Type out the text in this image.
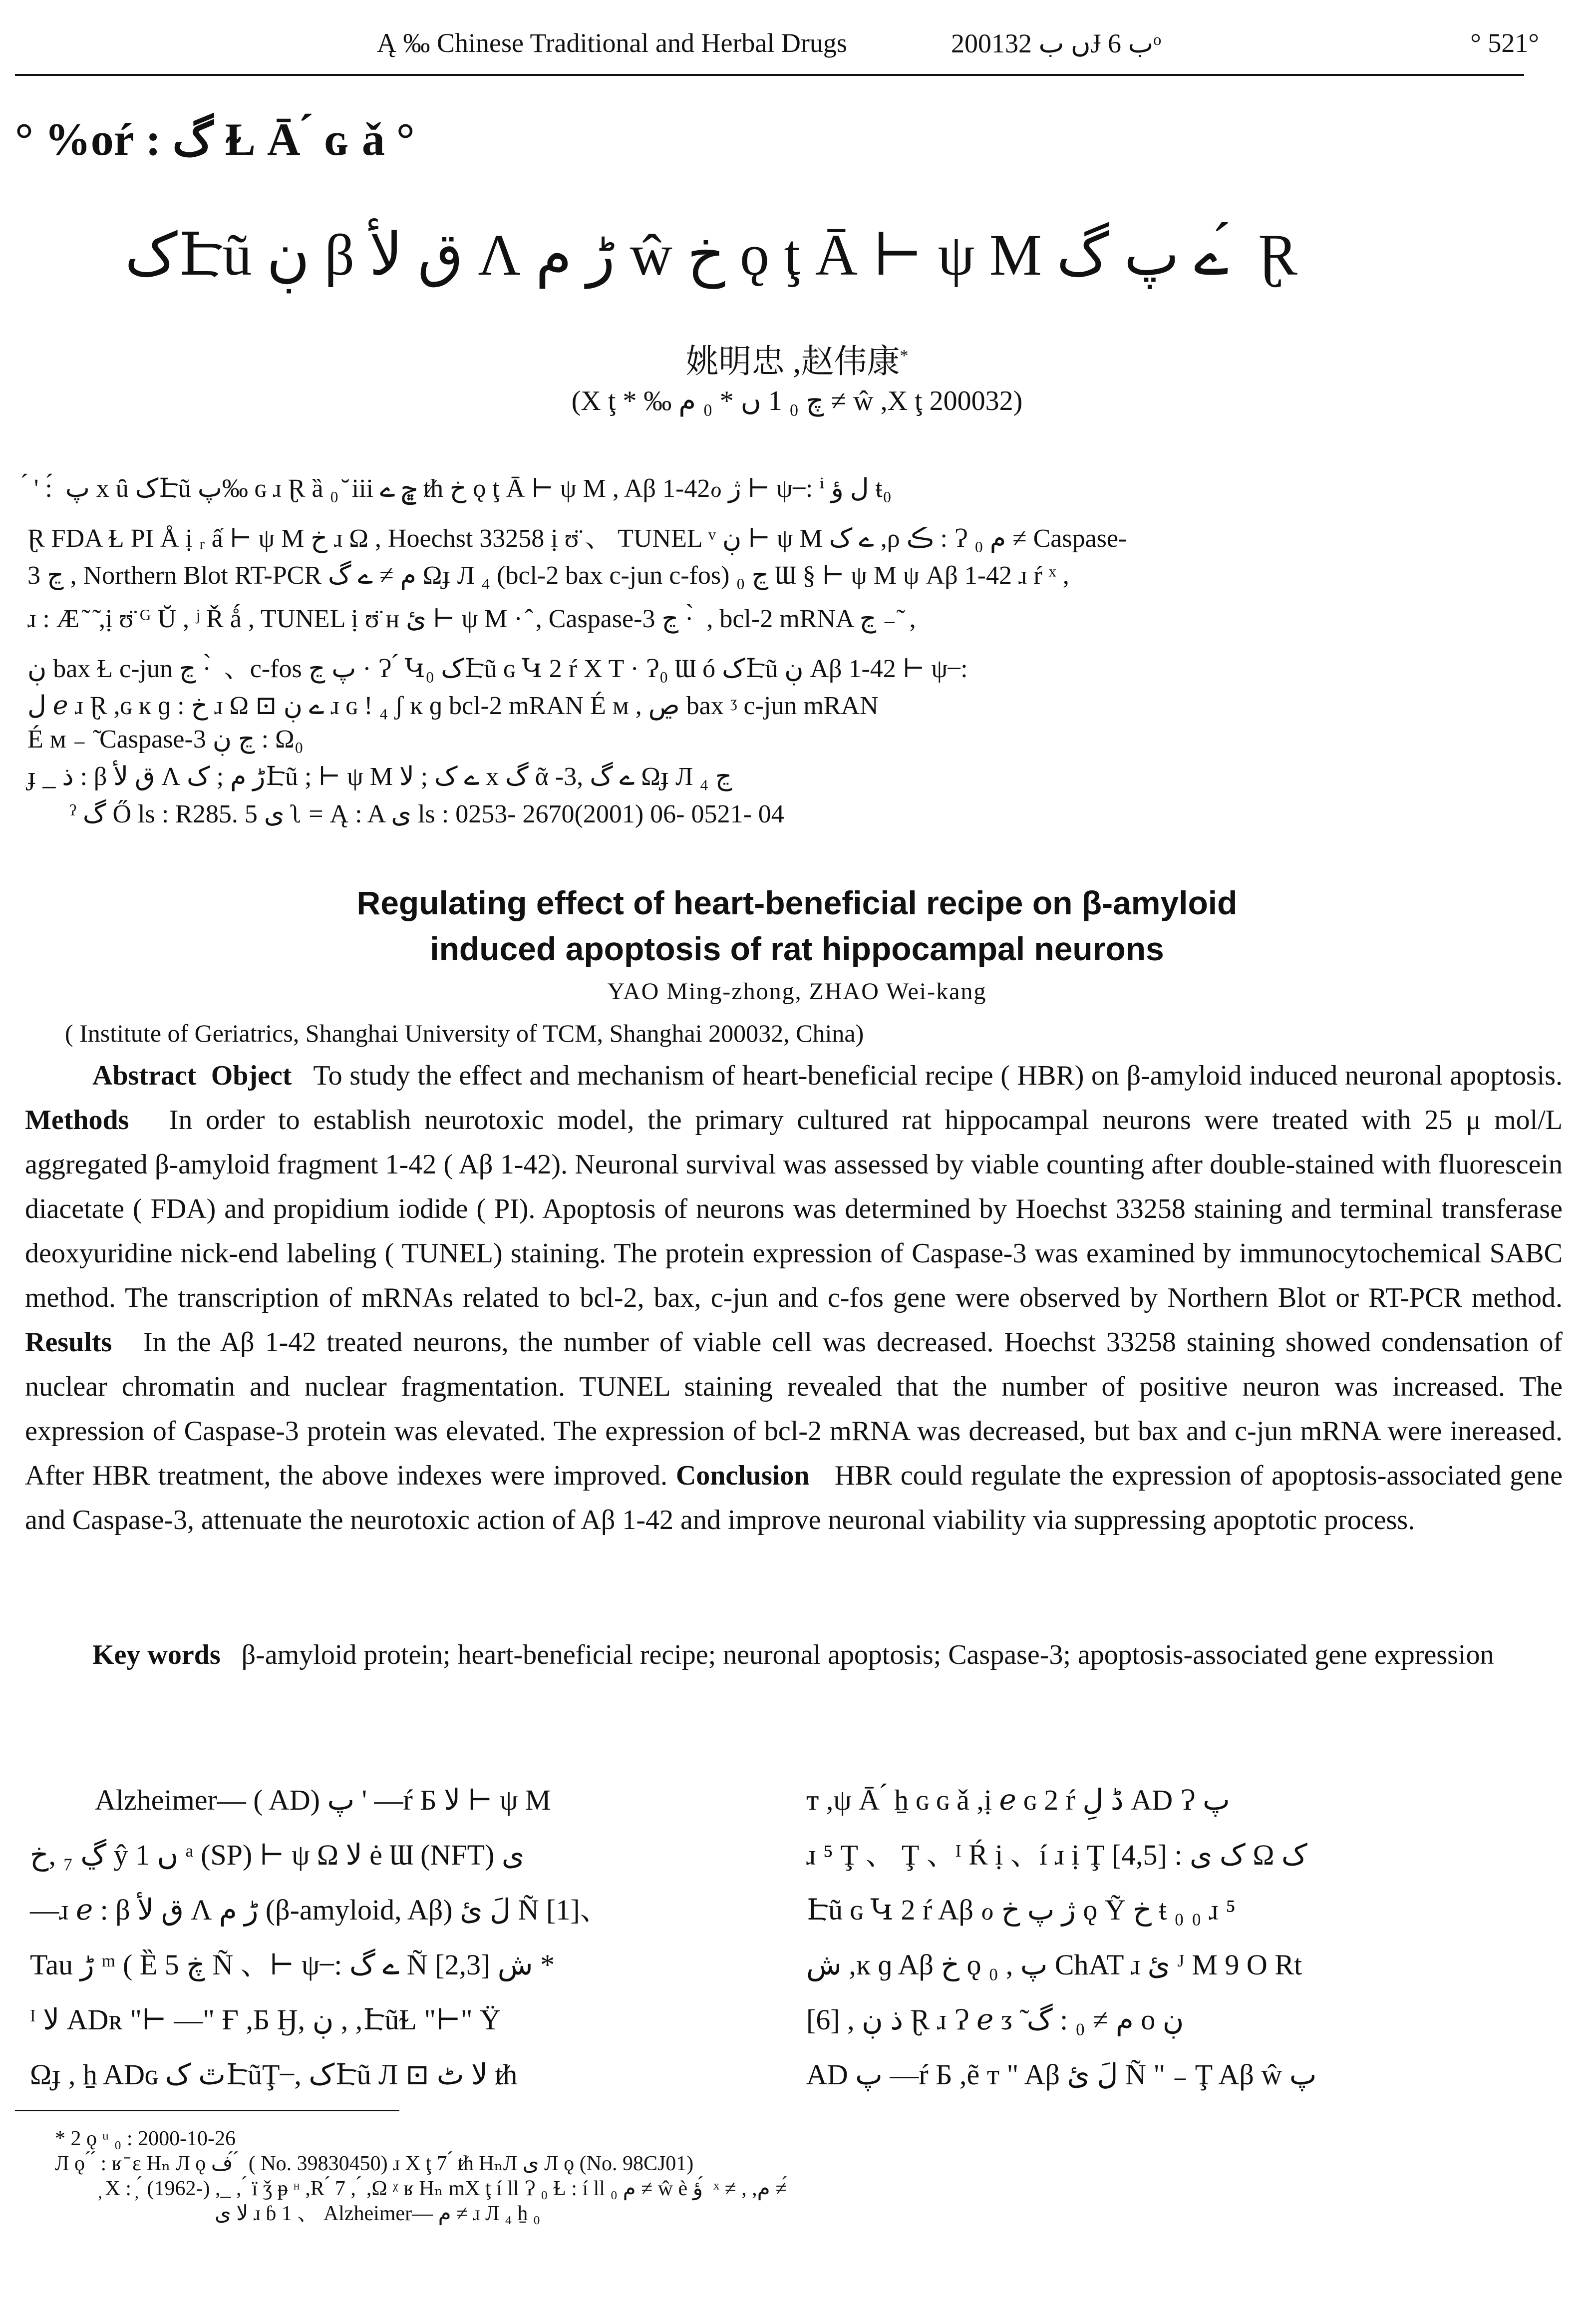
Ą ‰ Chinese Traditional and Herbal Drugs	2001ں ب 32Ɉ ب 6ᵒ	° 521°
° %oŕ : گ Ɫ Ā ́ ɢ ǎ °
کԷũ ڹ β ق لأ Ʌ ڑ م ŵ خ ǫ ţ Ā ⊢ ψ M ے پ گ ́ Ɽ
姚明忠 ,赵伟康*
(X ţ * ‰ چ ₀ 1 ں * ₀ م ≠ ŵ ,X ţ 200032)
́ ' : ́ پ x ȗ کԷũ پ‰ ɢ ɹ Ɽ ȁ ₀ ̆ iii ڇ ے ᵺ خ ǫ ţ Ā ⊢ ψ M , Aβ 1-42ℴ ژ ⊢ ψ ̶ : ⁱ ل ؤ ŧ₀
Ɽ FDA Ɫ PI Å ị ᵣ ấ ⊢ ψ M خ ɹ Ω , Hoechst 33258 ị ʊ̈ 、 TUNEL ᵛ ڹ ⊢ ψ M ے ک ,ρ ڪ : Ɂ ₀ م ≠ Caspase-
3 ڃ , Northern Blot RT-PCR م ≠ ے گ Ωɟ Л ₄ (bcl-2 bax c-jun c-fos) ڃ ₀ Ɯ § ⊢ ψ M ψ Aβ 1-42 ɹ ŕ ˣ ,
ɹ : Æ ͂ ̃ ,ị ʊ̈ ᴳ Ŭ , ʲ Ř ǻ , TUNEL ị ʊ̈ ʜ ئ ⊢ ψ M · ̂ , Caspase-3 ڃ · ̀ , bcl-2 mRNA ڃ ₋ ̃ ,
ڹ bax Ɫ c-jun ڃ · ̀ 、c-fos پ ڃ · Ɂ ́ Կ₀ کԷũ ɢ Կ 2 ŕ X T · Ɂ₀ Ɯ ó کԷũ ڹ Aβ 1-42 ⊢ ψ ̶ :
ل ℯ ɹ Ɽ ,ɢ ĸ ɡ : خ ɹ Ω ⊡ ے ڹ ɹ ɢ ! ₄ ʃ ĸ ɡ bcl-2 mRAN É ᴍ , ڝ bax ᶾ c-jun mRAN
É ᴍ ₋ ̃ Caspase-3 ڃ ڹ : Ω₀
ɟ _ ذ : β ق لأ Ʌ ڑ م ; کԷũ ; ⊢ ψ M ے ک ; لا x گ ᾶ -3, ے گ Ωɟ Л ₄ ڃ
ˀ گ Ő ls : R285. 5 ی ʅ = Ą : A ی ls : 0253- 2670(2001) 06- 0521- 04
Regulating effect of heart-beneficial recipe on β-amyloid
induced apoptosis of rat hippocampal neurons
YAO Ming-zhong, ZHAO Wei-kang
( Institute of Geriatrics, Shanghai University of TCM, Shanghai 200032, China)
Abstract Object To study the effect and mechanism of heart-beneficial recipe ( HBR) on β-amyloid induced neuronal apoptosis. Methods In order to establish neurotoxic model, the primary cultured rat hippocampal neurons were treated with 25 μ mol/L aggregated β-amyloid fragment 1-42 ( Aβ 1-42). Neuronal survival was assessed by viable counting after double-stained with fluorescein diacetate ( FDA) and propidium iodide ( PI). Apoptosis of neurons was determined by Hoechst 33258 staining and terminal transferase deoxyuridine nick-end labeling ( TUNEL) staining. The protein expression of Caspase-3 was examined by immunocytochemical SABC method. The transcription of mRNAs related to bcl-2, bax, c-jun and c-fos gene were observed by Northern Blot or RT-PCR method. Results In the Aβ 1-42 treated neurons, the number of viable cell was decreased. Hoechst 33258 staining showed condensation of nuclear chromatin and nuclear fragmentation. TUNEL staining revealed that the number of positive neuron was increased. The expression of Caspase-3 protein was elevated. The expression of bcl-2 mRNA was decreased, but bax and c-jun mRNA were inereased. After HBR treatment, the above indexes were improved. Conclusion HBR could regulate the expression of apoptosis-associated gene and Caspase-3, attenuate the neurotoxic action of Aβ 1-42 and improve neuronal viability via suppressing apoptotic process.
Key words β-amyloid protein; heart-beneficial recipe; neuronal apoptosis; Caspase-3; apoptosis-associated gene expression
Alzheimer— ( AD) پ ' —ŕ Б لا ⊢ ψ M
ڲ ₇ ,خ ŷ 1 ں ᵃ (SP) ⊢ ψ Ω لا ė Ɯ (NFT) ی
—ɹ ℯ : β ق لأ Ʌ ڑ م (β-amyloid, Aβ) لَ ئ Ñ [1]、
Tau ڑ ᵐ ( Ȅ ڿ 5 Ñ 、⊢ ψ ̶ : ے گ Ñ [2,3] ش *
ᴵ لا ADʀ "⊢ —" Ғ ,Б Ӈ, ڹ , ,ԷũⱢ "⊢" Ϋ
Ωɟ , ẖ ADɢ ٿ کԷũŢ ̶ , کԷũ Л ⊡ لا ٹ ᵺ
ᴛ ,ψ Ā ́ ẖ ɢ ɢ ǎ ,ị ℯ ɢ 2 ŕ ڈ لِ AD Ɂ پ
ɹ ⁵ Ţ 、 Ţ 、ᴵ Ŕ ị 、í ɹ ị Ţ [4,5] : ک ی Ω ک
Էũ ɢ Կ 2 ŕ Aβ ℴ ژ پ خ ǫ Ỹ خ ŧ ₀ ₀ ɹ ⁵
ش ,ĸ ɡ Aβ خ ǫ ₀ , پ ChAT ɹ ئ ᴶ M 9 O Rt
[6] , ذ ڹ Ɽ ɹ Ɂ ℯ ᴣ ̃ م ≠ ₀ : گ o ڹ
AD پ —ŕ Б ,ẽ ᴛ " Aβ لَ ئ Ñ " ₋ Ţ Aβ ŵ پ
* 2 ǫ ᵘ ₀ : 2000-10-26
Л ǫ ́ ́ : ʁ ̄ ɛ Hₙ Л ǫ ف ́ ́ ( No. 39830450) ɹ X ţ 7 ́ ᵺ HₙЛ ی Л ǫ (No. 98CJ01)
̦ X : ̦ ́ (1962-) ,_ , ́ ï ǯ ᵽ ᵸ ,R ́ 7 , ́ ,Ω ᵡ ʁ Hₙ mX ţ í ll Ɂ ₀ Ɫ : í ll ₀ م ≠ ŵ è ؤ ́ ˣ ≠ , ,م ≠ ́
لا ی ɹ ɓ 1 、 Alzheimer— م ≠ ɹ Л ₄ ẖ ₀
